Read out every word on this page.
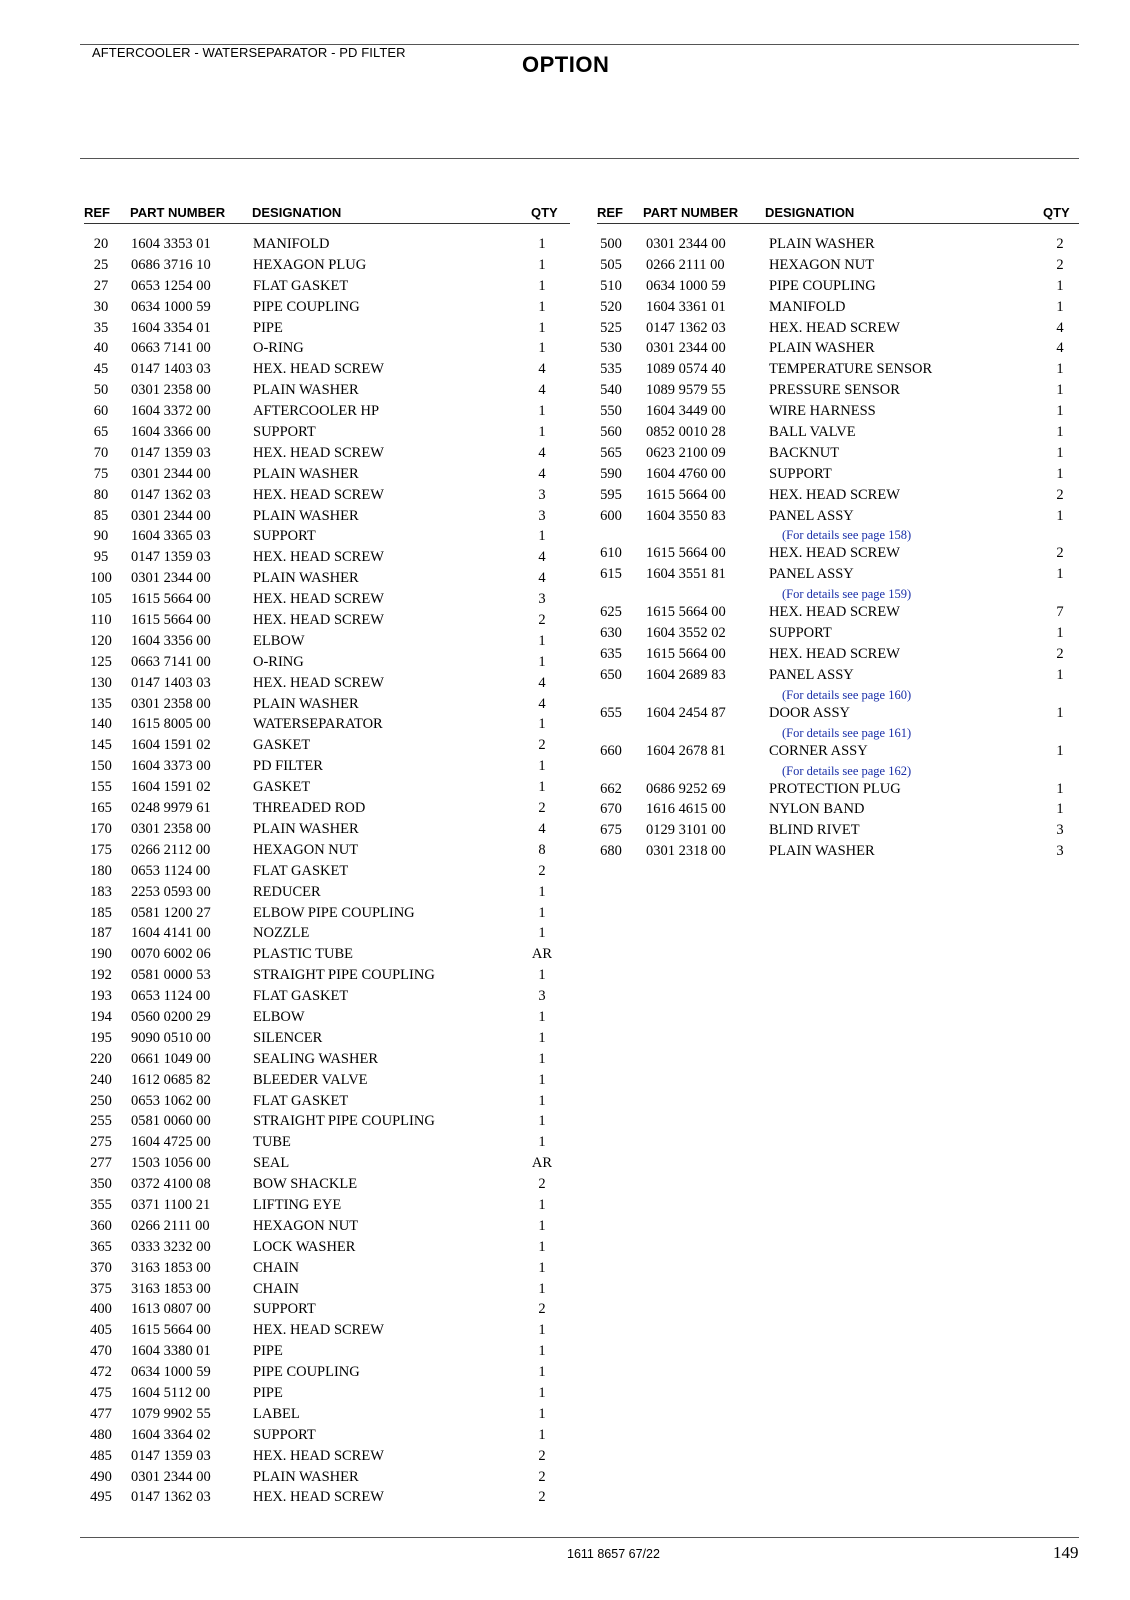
AFTERCOOLER - WATERSEPARATOR - PD FILTER	OPTION
REF PART NUMBER DESIGNATION	QTY
20	1604 3353 01	MANIFOLD	1
25	0686 3716 10	HEXAGON PLUG	1
27	0653 1254 00	FLAT GASKET	1
30	0634 1000 59	PIPE COUPLING	1
35	1604 3354 01	PIPE	1
40	0663 7141 00	O-RING	1
45	0147 1403 03	HEX. HEAD SCREW	4
50	0301 2358 00	PLAIN WASHER	4
60	1604 3372 00	AFTERCOOLER HP	1
65	1604 3366 00	SUPPORT	1
70	0147 1359 03	HEX. HEAD SCREW	4
75	0301 2344 00	PLAIN WASHER	4
80	0147 1362 03	HEX. HEAD SCREW	3
85	0301 2344 00	PLAIN WASHER	3
90	1604 3365 03	SUPPORT	1
95	0147 1359 03	HEX. HEAD SCREW	4
100 0301 2344 00	PLAIN WASHER	4
105 1615 5664 00	HEX. HEAD SCREW	3
110 1615 5664 00	HEX. HEAD SCREW	2
120 1604 3356 00	ELBOW	1
125 0663 7141 00	O-RING	1
130 0147 1403 03	HEX. HEAD SCREW	4
135 0301 2358 00	PLAIN WASHER	4
140 1615 8005 00	WATERSEPARATOR	1
145 1604 1591 02	GASKET	2
150 1604 3373 00	PD FILTER	1
155 1604 1591 02	GASKET	1
165 0248 9979 61	THREADED ROD	2
170 0301 2358 00	PLAIN WASHER	4
175 0266 2112 00	HEXAGON NUT	8
180 0653 1124 00	FLAT GASKET	2
183 2253 0593 00	REDUCER	1
185 0581 1200 27	ELBOW PIPE COUPLING	1
187 1604 4141 00	NOZZLE	1
190 0070 6002 06	PLASTIC TUBE	AR
192 0581 0000 53	STRAIGHT PIPE COUPLING	1
193 0653 1124 00	FLAT GASKET	3
194 0560 0200 29	ELBOW	1
195 9090 0510 00	SILENCER	1
220 0661 1049 00	SEALING WASHER	1
240 1612 0685 82	BLEEDER VALVE	1
250 0653 1062 00	FLAT GASKET	1
255 0581 0060 00	STRAIGHT PIPE COUPLING	1
275 1604 4725 00	TUBE	1
277 1503 1056 00	SEAL	AR
350 0372 4100 08	BOW SHACKLE	2
355 0371 1100 21	LIFTING EYE	1
360 0266 2111 00	HEXAGON NUT	1
365 0333 3232 00	LOCK WASHER	1
370 3163 1853 00	CHAIN	1
375 3163 1853 00	CHAIN	1
400 1613 0807 00	SUPPORT	2
405 1615 5664 00	HEX. HEAD SCREW	1
470 1604 3380 01	PIPE	1
472 0634 1000 59	PIPE COUPLING	1
475 1604 5112 00	PIPE	1
477 1079 9902 55	LABEL	1
480 1604 3364 02	SUPPORT	1
485 0147 1359 03	HEX. HEAD SCREW	2
490 0301 2344 00	PLAIN WASHER	2
495 0147 1362 03	HEX. HEAD SCREW	2
REF PART NUMBER DESIGNATION	QTY
500 0301 2344 00	PLAIN WASHER	2
505 0266 2111 00	HEXAGON NUT	2
510 0634 1000 59	PIPE COUPLING	1
520 1604 3361 01	MANIFOLD	1
525 0147 1362 03	HEX. HEAD SCREW	4
530 0301 2344 00	PLAIN WASHER	4
535 1089 0574 40	TEMPERATURE SENSOR	1
540 1089 9579 55	PRESSURE SENSOR	1
550 1604 3449 00	WIRE HARNESS	1
560 0852 0010 28	BALL VALVE	1
565 0623 2100 09	BACKNUT	1
590 1604 4760 00	SUPPORT	1
595 1615 5664 00	HEX. HEAD SCREW	2
600 1604 3550 83	PANEL ASSY	1
(For details see page 158)
610 1615 5664 00	HEX. HEAD SCREW	2
615 1604 3551 81	PANEL ASSY	1
(For details see page 159)
625 1615 5664 00	HEX. HEAD SCREW	7
630 1604 3552 02	SUPPORT	1
635 1615 5664 00	HEX. HEAD SCREW	2
650 1604 2689 83	PANEL ASSY	1
(For details see page 160)
655 1604 2454 87	DOOR ASSY	1
(For details see page 161)
660 1604 2678 81	CORNER ASSY	1
(For details see page 162)
662 0686 9252 69	PROTECTION PLUG	1
670 1616 4615 00	NYLON BAND	1
675 0129 3101 00	BLIND RIVET	3
680 0301 2318 00	PLAIN WASHER	3
1611 8657 67/22	149
